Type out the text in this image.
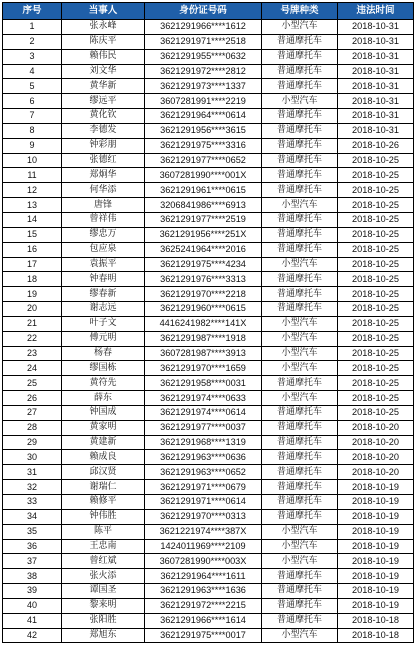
序号	当事人	身份证号码	号牌种类	违法时间
1	张永峰	3621291966****1612	小型汽车	2018-10-31
2	陈庆平	3621291971****2518	普通摩托车	2018-10-31
3	赖伟民	3621291955****0632	普通摩托车	2018-10-31
4	刘文华	3621291972****2812	普通摩托车	2018-10-31
5	黄华新	3621291973****1337	普通摩托车	2018-10-31
6	缪远平	3607281991****2219	小型汽车	2018-10-31
7	黄化钦	3621291964****0614	普通摩托车	2018-10-31
8	李德发	3621291956****3615	普通摩托车	2018-10-31
9	钟彩朋	3621291975****3316	普通摩托车	2018-10-26
10	张德红	3621291977****0652	普通摩托车	2018-10-25
11	郑炯华	3607281990****001X	普通摩托车	2018-10-25
12	何华添	3621291961****0615	普通摩托车	2018-10-25
13	唐锋	3206841986****6913	小型汽车	2018-10-25
14	曾祥伟	3621291977****2519	普通摩托车	2018-10-25
15	缪忠万	3621291956****251X	普通摩托车	2018-10-25
16	包应泉	3625241964****2016	普通摩托车	2018-10-25
17	袁振平	3621291975****4234	小型汽车	2018-10-25
18	钟春明	3621291976****3313	普通摩托车	2018-10-25
19	缪春新	3621291970****2218	普通摩托车	2018-10-25
20	谢志远	3621291960****0615	普通摩托车	2018-10-25
21	叶子文	4416241982****141X	小型汽车	2018-10-25
22	傅元明	3621291987****1918	小型汽车	2018-10-25
23	杨春	3607281987****3913	小型汽车	2018-10-25
24	缪国栋	3621291970****1659	小型汽车	2018-10-25
25	黄符先	3621291958****0031	普通摩托车	2018-10-25
26	薛东	3621291974****0633	小型汽车	2018-10-25
27	钟国成	3621291974****0614	普通摩托车	2018-10-25
28	黄家明	3621291977****0037	普通摩托车	2018-10-20
29	黄建新	3621291968****1319	普通摩托车	2018-10-20
30	赖成良	3621291963****0636	普通摩托车	2018-10-20
31	邱汉贤	3621291963****0652	普通摩托车	2018-10-20
32	谢瑞仁	3621291971****0679	普通摩托车	2018-10-19
33	赖修平	3621291971****0614	普通摩托车	2018-10-19
34	钟伟胜	3621291970****0313	普通摩托车	2018-10-19
35	陈平	3621221974****387X	小型汽车	2018-10-19
36	王忠南	1424011969****2109	小型汽车	2018-10-19
37	曾红斌	3607281990****003X	小型汽车	2018-10-19
38	张火添	3621291964****1611	普通摩托车	2018-10-19
39	谭国圣	3621291963****1636	普通摩托车	2018-10-19
40	黎来明	3621291972****2215	普通摩托车	2018-10-19
41	张阳胜	3621291966****1614	普通摩托车	2018-10-18
42	郑旭东	3621291975****0017	小型汽车	2018-10-18
